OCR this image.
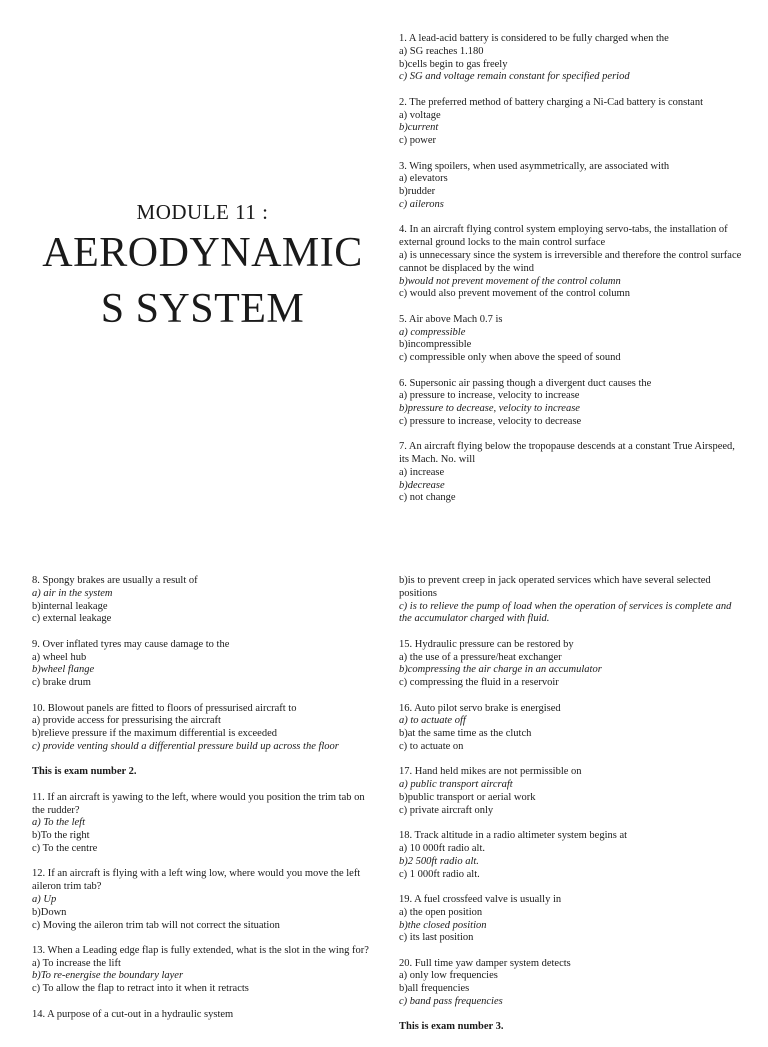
MODULE 11 :
AERODYNAMIC
S SYSTEM
1. A lead-acid battery is considered to be fully charged when the
a) SG reaches 1.180
b)cells begin to gas freely
c) SG and voltage remain constant for specified period
2. The preferred method of battery charging a Ni-Cad battery is constant
a) voltage
b)current
c) power
3. Wing spoilers, when used asymmetrically, are associated with
a) elevators
b)rudder
c) ailerons
4. In an aircraft flying control system employing servo-tabs, the installation of external ground locks to the main control surface
a) is unnecessary since the system is irreversible and therefore the control surface cannot be displaced by the wind
b)would not prevent movement of the control column
c) would also prevent movement of the control column
5. Air above Mach 0.7 is
a) compressible
b)incompressible
c) compressible only when above the speed of sound
6. Supersonic air passing though a divergent duct causes the
a) pressure to increase, velocity to increase
b)pressure to decrease, velocity to increase
c) pressure to increase, velocity to decrease
7. An aircraft flying below the tropopause descends at a constant True Airspeed, its Mach. No. will
a) increase
b)decrease
c) not change
8. Spongy brakes are usually a result of
a) air in the system
b)internal leakage
c) external leakage
9. Over inflated tyres may cause damage to the
a) wheel hub
b)wheel flange
c) brake drum
10. Blowout panels are fitted to floors of pressurised aircraft to
a) provide access for pressurising the aircraft
b)relieve pressure if the maximum differential is exceeded
c) provide venting should a differential pressure build up across the floor
This is exam number 2.
11. If an aircraft is yawing to the left, where would you position the trim tab on the rudder?
a) To the left
b)To the right
c) To the centre
12. If an aircraft is flying with a left wing low, where would you move the left aileron trim tab?
a) Up
b)Down
c) Moving the aileron trim tab will not correct the situation
13. When a Leading edge flap is fully extended, what is the slot in the wing for?
a) To increase the lift
b)To re-energise the boundary layer
c) To allow the flap to retract into it when it retracts
14. A purpose of a cut-out in a hydraulic system
b)is to prevent creep in jack operated services which have several selected positions
c) is to relieve the pump of load when the operation of services is complete and the accumulator charged with fluid.
15. Hydraulic pressure can be restored by
a) the use of a pressure/heat exchanger
b)compressing the air charge in an accumulator
c) compressing the fluid in a reservoir
16. Auto pilot servo brake is energised
a) to actuate off
b)at the same time as the clutch
c) to actuate on
17. Hand held mikes are not permissible on
a) public transport aircraft
b)public transport or aerial work
c) private aircraft only
18. Track altitude in a radio altimeter system begins at
a) 10 000ft radio alt.
b)2 500ft radio alt.
c) 1 000ft radio alt.
19. A fuel crossfeed valve is usually in
a) the open position
b)the closed position
c) its last position
20. Full time yaw damper system detects
a) only low frequencies
b)all frequencies
c) band pass frequencies
This is exam number 3.
